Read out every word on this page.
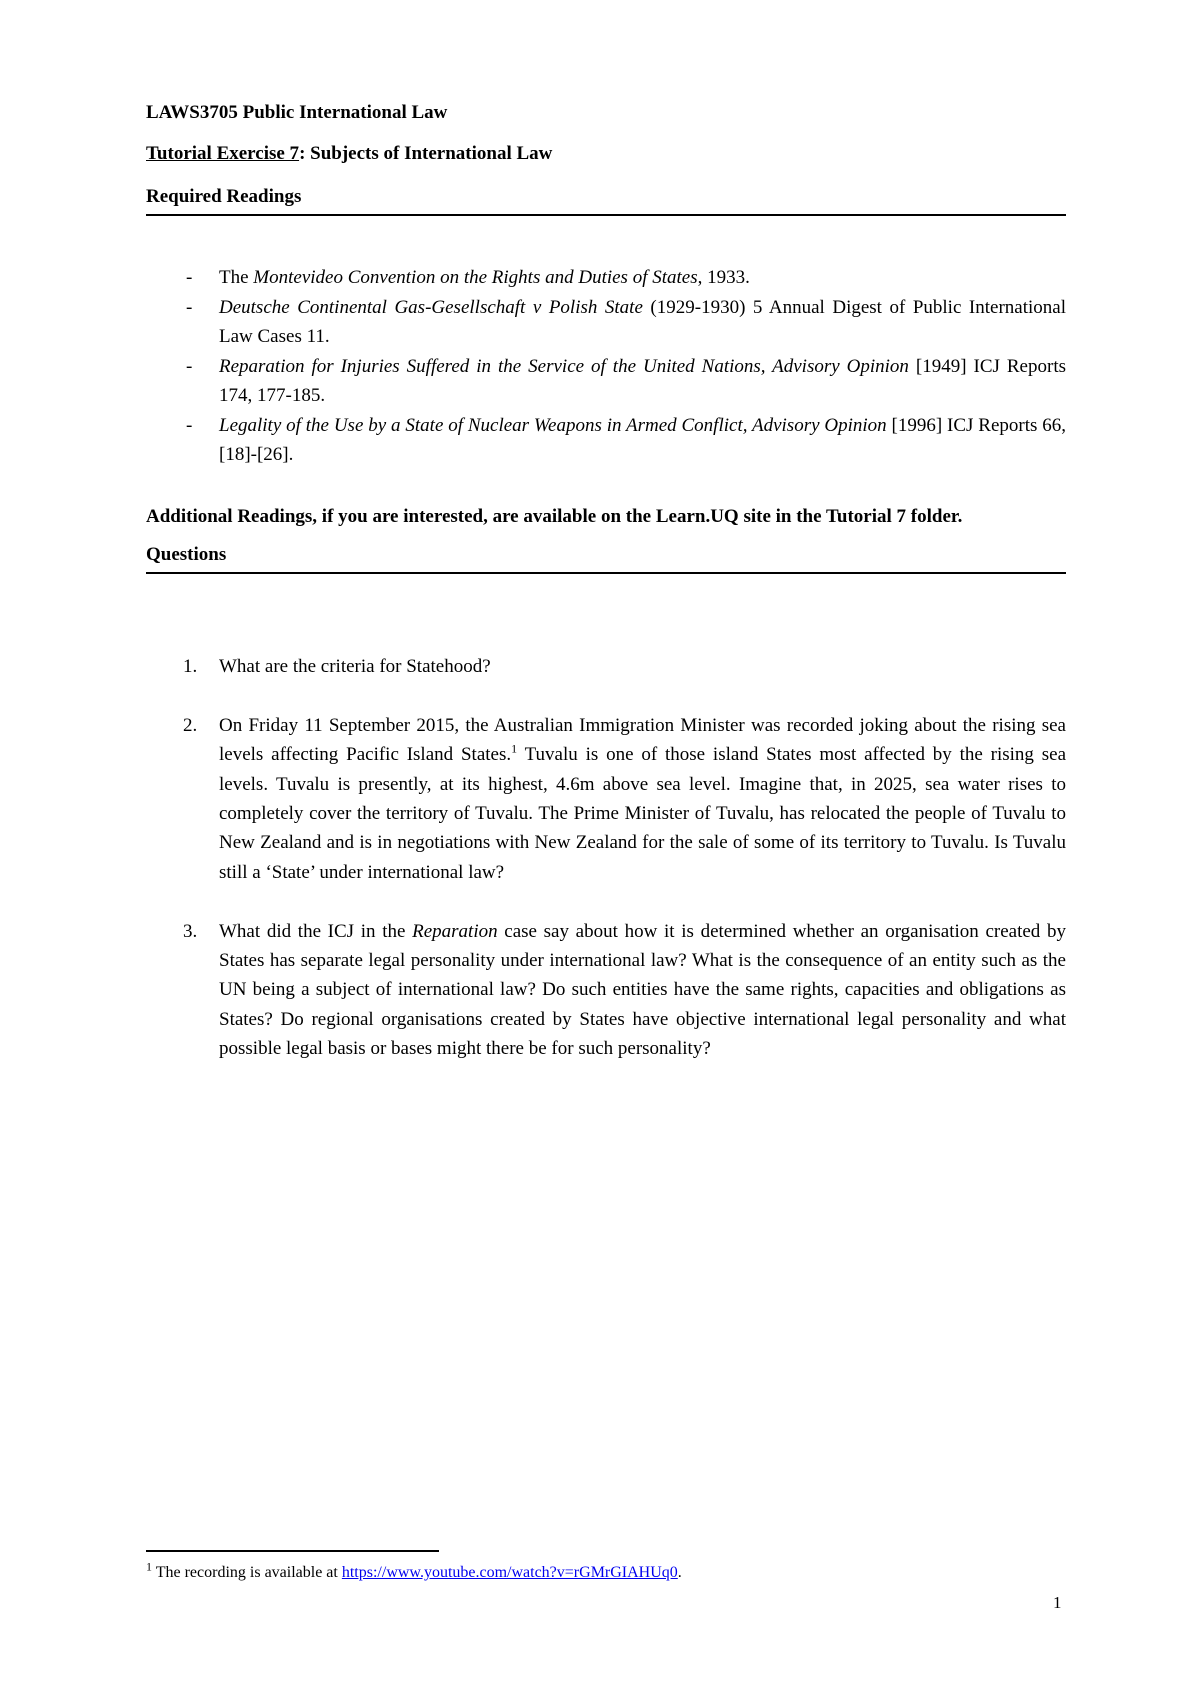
LAWS3705 Public International Law
Tutorial Exercise 7: Subjects of International Law
Required Readings
- The Montevideo Convention on the Rights and Duties of States, 1933.
- Deutsche Continental Gas-Gesellschaft v Polish State (1929-1930) 5 Annual Digest of Public International Law Cases 11.
- Reparation for Injuries Suffered in the Service of the United Nations, Advisory Opinion [1949] ICJ Reports 174, 177-185.
- Legality of the Use by a State of Nuclear Weapons in Armed Conflict, Advisory Opinion [1996] ICJ Reports 66, [18]-[26].
Additional Readings, if you are interested, are available on the Learn.UQ site in the Tutorial 7 folder.
Questions
1. What are the criteria for Statehood?
2. On Friday 11 September 2015, the Australian Immigration Minister was recorded joking about the rising sea levels affecting Pacific Island States.$^1$ Tuvalu is one of those island States most affected by the rising sea levels. Tuvalu is presently, at its highest, 4.6m above sea level. Imagine that, in 2025, sea water rises to completely cover the territory of Tuvalu. The Prime Minister of Tuvalu, has relocated the people of Tuvalu to New Zealand and is in negotiations with New Zealand for the sale of some of its territory to Tuvalu. Is Tuvalu still a ‘State’ under international law?
3. What did the ICJ in the Reparation case say about how it is determined whether an organisation created by States has separate legal personality under international law? What is the consequence of an entity such as the UN being a subject of international law? Do such entities have the same rights, capacities and obligations as States? Do regional organisations created by States have objective international legal personality and what possible legal basis or bases might there be for such personality?
$^1$ The recording is available at https://www.youtube.com/watch?v=rGMrGIAHUq0.
1
